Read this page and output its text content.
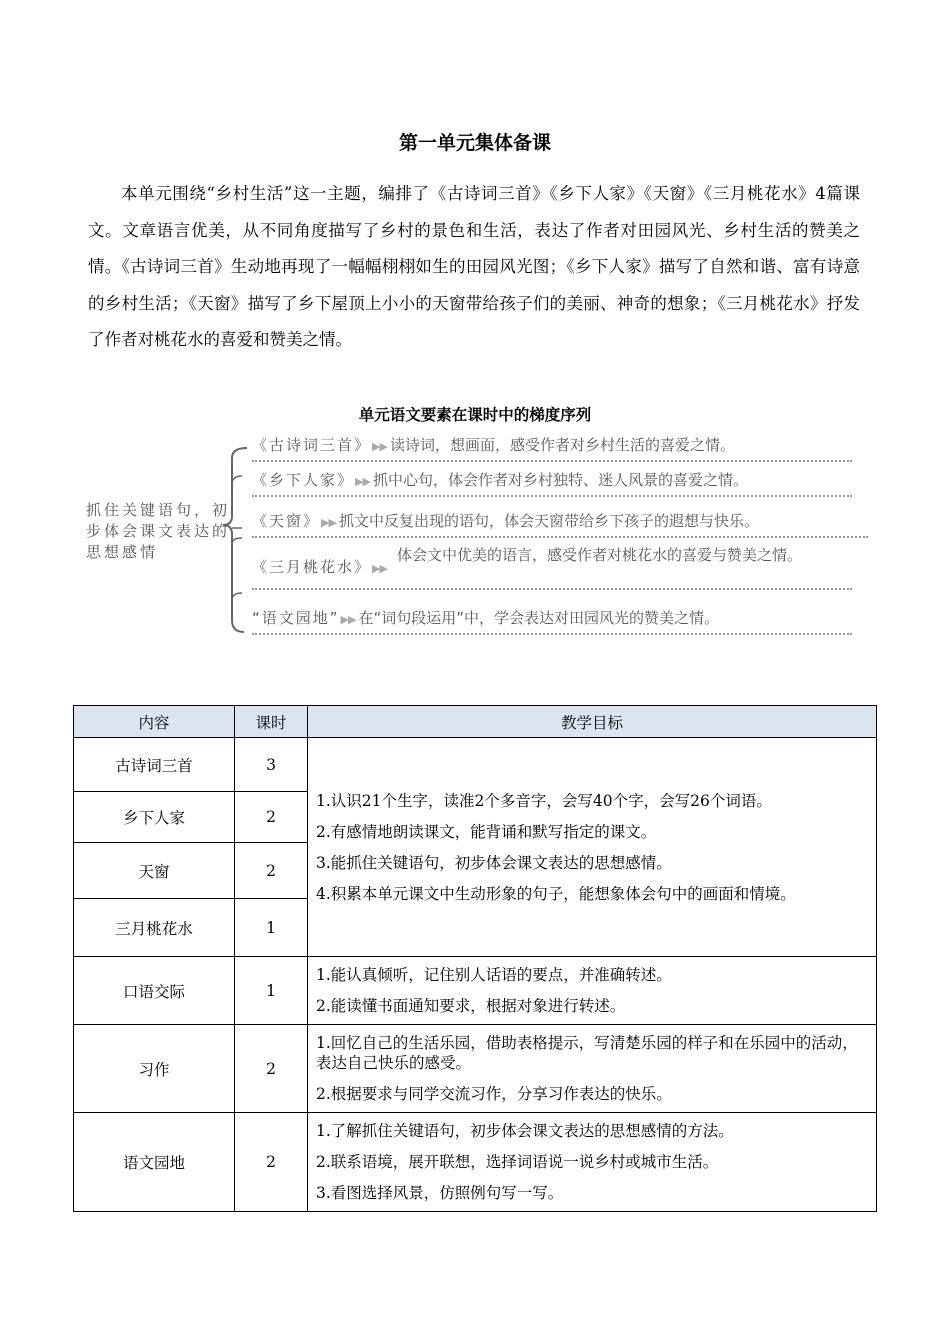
第一单元集体备课
本单元围绕“乡村生活”这一主题，编排了《古诗词三首》《乡下人家》《天窗》《三月桃花水》4篇课文。文章语言优美，从不同角度描写了乡村的景色和生活，表达了作者对田园风光、乡村生活的赞美之情。《古诗词三首》生动地再现了一幅幅栩栩如生的田园风光图；《乡下人家》描写了自然和谐、富有诗意的乡村生活；《天窗》描写了乡下屋顶上小小的天窗带给孩子们的美丽、神奇的想象；《三月桃花水》抒发了作者对桃花水的喜爱和赞美之情。
单元语文要素在课时中的梯度序列
抓住关键语句，初步体会课文表达的思想感情
《古诗词三首》▶▶ 读诗词，想画面，感受作者对乡村生活的喜爱之情。
《乡下人家》▶▶ 抓中心句，体会作者对乡村独特、迷人风景的喜爱之情。
《天窗》▶▶ 抓文中反复出现的语句，体会天窗带给乡下孩子的遐想与快乐。
《三月桃花水》▶▶
体会文中优美的语言，感受作者对桃花水的喜爱与赞美之情。
“语文园地”▶▶ 在“词句段运用”中，学会表达对田园风光的赞美之情。
内容	课时	教学目标
古诗词三首	3	1.认识21个生字，读准2个多音字，会写40个字，会写26个词语。

2.有感情地朗读课文，能背诵和默写指定的课文。

3.能抓住关键语句，初步体会课文表达的思想感情。

4.积累本单元课文中生动形象的句子，能想象体会句中的画面和情境。

乡下人家	2	
天窗	2	
三月桃花水	1	
口语交际	1	1.能认真倾听，记住别人话语的要点，并准确转述。

2.能读懂书面通知要求，根据对象进行转述。

习作	2	1.回忆自己的生活乐园，借助表格提示，写清楚乐园的样子和在乐园中的活动，表达自己快乐的感受。

2.根据要求与同学交流习作，分享习作表达的快乐。

语文园地	2	1.了解抓住关键语句，初步体会课文表达的思想感情的方法。

2.联系语境，展开联想，选择词语说一说乡村或城市生活。

3.看图选择风景，仿照例句写一写。
